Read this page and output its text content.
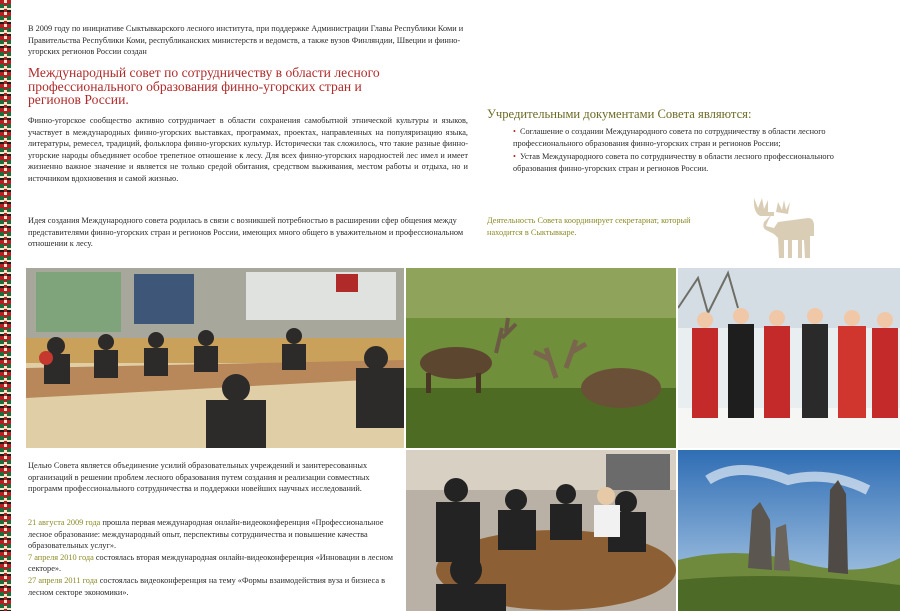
В 2009 году по инициативе Сыктывкарского лесного института, при поддержке Администрации Главы Республики Коми и Правительства Республики Коми, республиканских министерств и ведомств, а также вузов Финляндии, Швеции и финно-угорских регионов России создан

Международный совет по сотрудничеству в области лесного профессионального образования финно-угорских стран и регионов России.

Финно-угорское сообщество активно сотрудничает в области сохранения самобытной этнической культуры и языков, участвует в международных финно-угорских выставках, программах, проектах, направленных на популяризацию языка, литературы, ремесел, традиций, фольклора финно-угорских культур. Исторически так сложилось, что такие разные финно-угорские народы объединяет особое трепетное отношение к лесу. Для всех финно-угорских народностей лес имел и имеет жизненно важное значение и является не только средой обитания, средством выживания, местом работы и отдыха, но и источником вдохновения и самой жизнью.

Идея создания Международного совета родилась в связи с возникшей потребностью в расширении сфер общения между представителями финно-угорских стран и регионов России, имеющих много общего в уважительном и профессиональном отношении к лесу.

Учредительными документами Совета являются:
• Соглашение о создании Международного совета по сотрудничеству в области лесного профессионального образования финно-угорских стран и регионов России;
• Устав Международного совета по сотрудничеству в области лесного профессионального образования финно-угорских стран и регионов России.

Деятельность Совета координирует секретариат, который находится в Сыктывкаре.

Целью Совета является объединение усилий образовательных учреждений и заинтересованных организаций в решении проблем лесного образования путем создания и реализации совместных программ профессионального сотрудничества и поддержки новейших научных исследований.

21 августа 2009 года прошла первая международная онлайн-видеоконференция «Профессиональное лесное образование: международный опыт, перспективы сотрудничества и повышение качества образовательных услуг».
7 апреля 2010 года состоялась вторая международная онлайн-видеоконференция «Инновации в лесном секторе».
27 апреля 2011 года состоялась видеоконференция на тему «Формы взаимодействия вуза и бизнеса в лесном секторе экономики».
